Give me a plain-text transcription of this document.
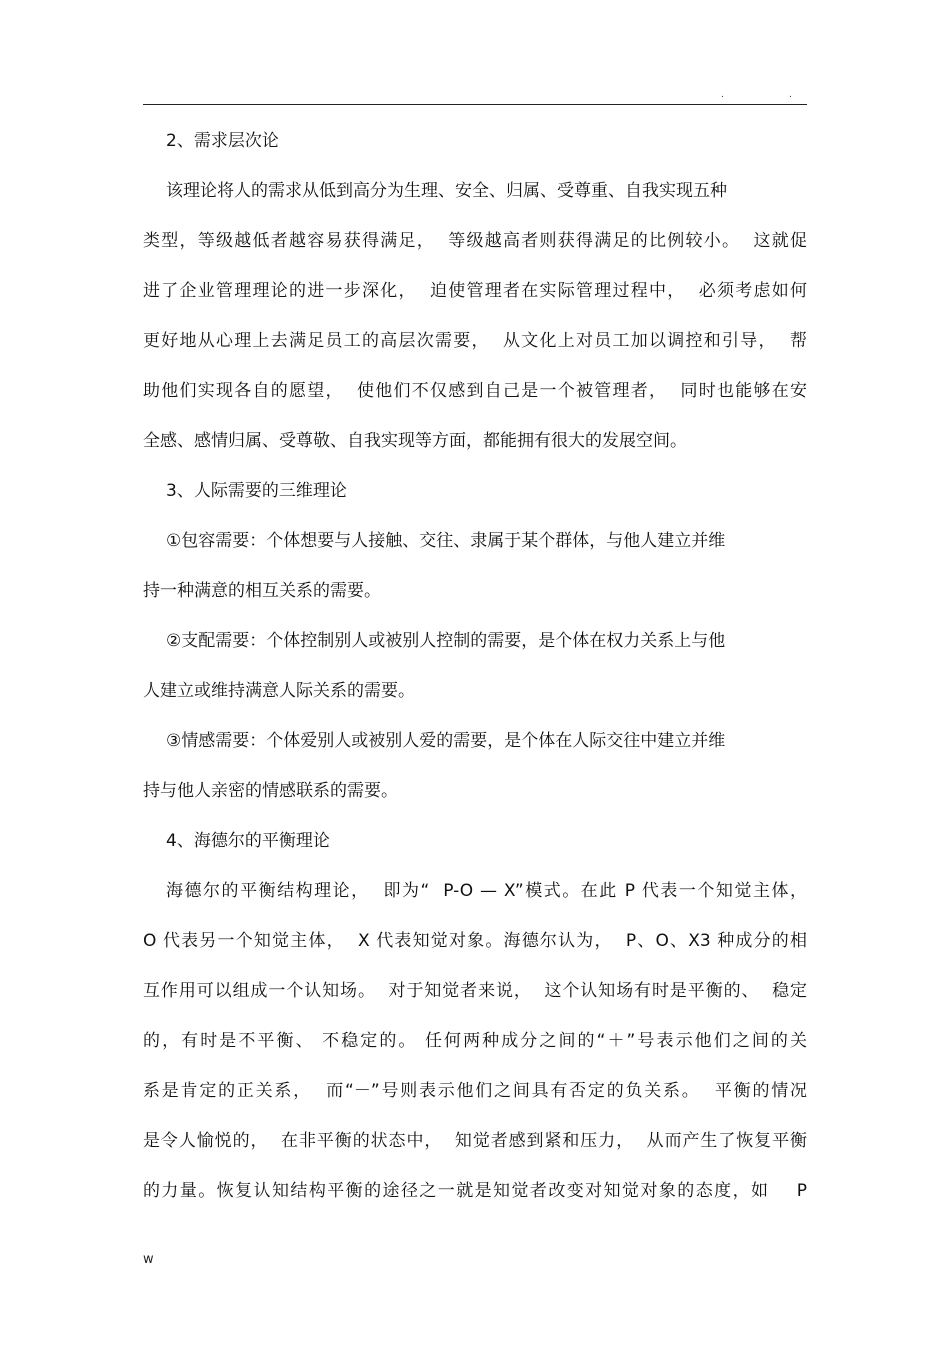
.	.
2、需求层次论
该理论将人的需求从低到高分为生理、安全、归属、受尊重、自我实现五种
类型，等级越低者越容易获得满足，  等级越高者则获得满足的比例较小。  这就促
进了企业管理理论的进一步深化，  迫使管理者在实际管理过程中，  必须考虑如何
更好地从心理上去满足员工的高层次需要，  从文化上对员工加以调控和引导，  帮
助他们实现各自的愿望，  使他们不仅感到自己是一个被管理者，  同时也能够在安
全感、感情归属、受尊敬、自我实现等方面，都能拥有很大的发展空间。
3、人际需要的三维理论
①包容需要：个体想要与人接触、交往、隶属于某个群体，与他人建立并维
持一种满意的相互关系的需要。
②支配需要：个体控制别人或被别人控制的需要，是个体在权力关系上与他
人建立或维持满意人际关系的需要。
③情感需要：个体爱别人或被别人爱的需要，是个体在人际交往中建立并维
持与他人亲密的情感联系的需要。
4、海德尔的平衡理论
海德尔的平衡结构理论，  即为“  P-O — X”模式。在此 P 代表一个知觉主体，
O 代表另一个知觉主体，  X 代表知觉对象。海德尔认为，  P、O、X3 种成分的相
互作用可以组成一个认知场。  对于知觉者来说，  这个认知场有时是平衡的、  稳定
的，有时是不平衡、 不稳定的。 任何两种成分之间的“＋”号表示他们之间的关
系是肯定的正关系，  而“－”号则表示他们之间具有否定的负关系。  平衡的情况
是令人愉悦的，  在非平衡的状态中，  知觉者感到紧和压力，  从而产生了恢复平衡
的力量。恢复认知结构平衡的途径之一就是知觉者改变对知觉对象的态度，如    P
w
